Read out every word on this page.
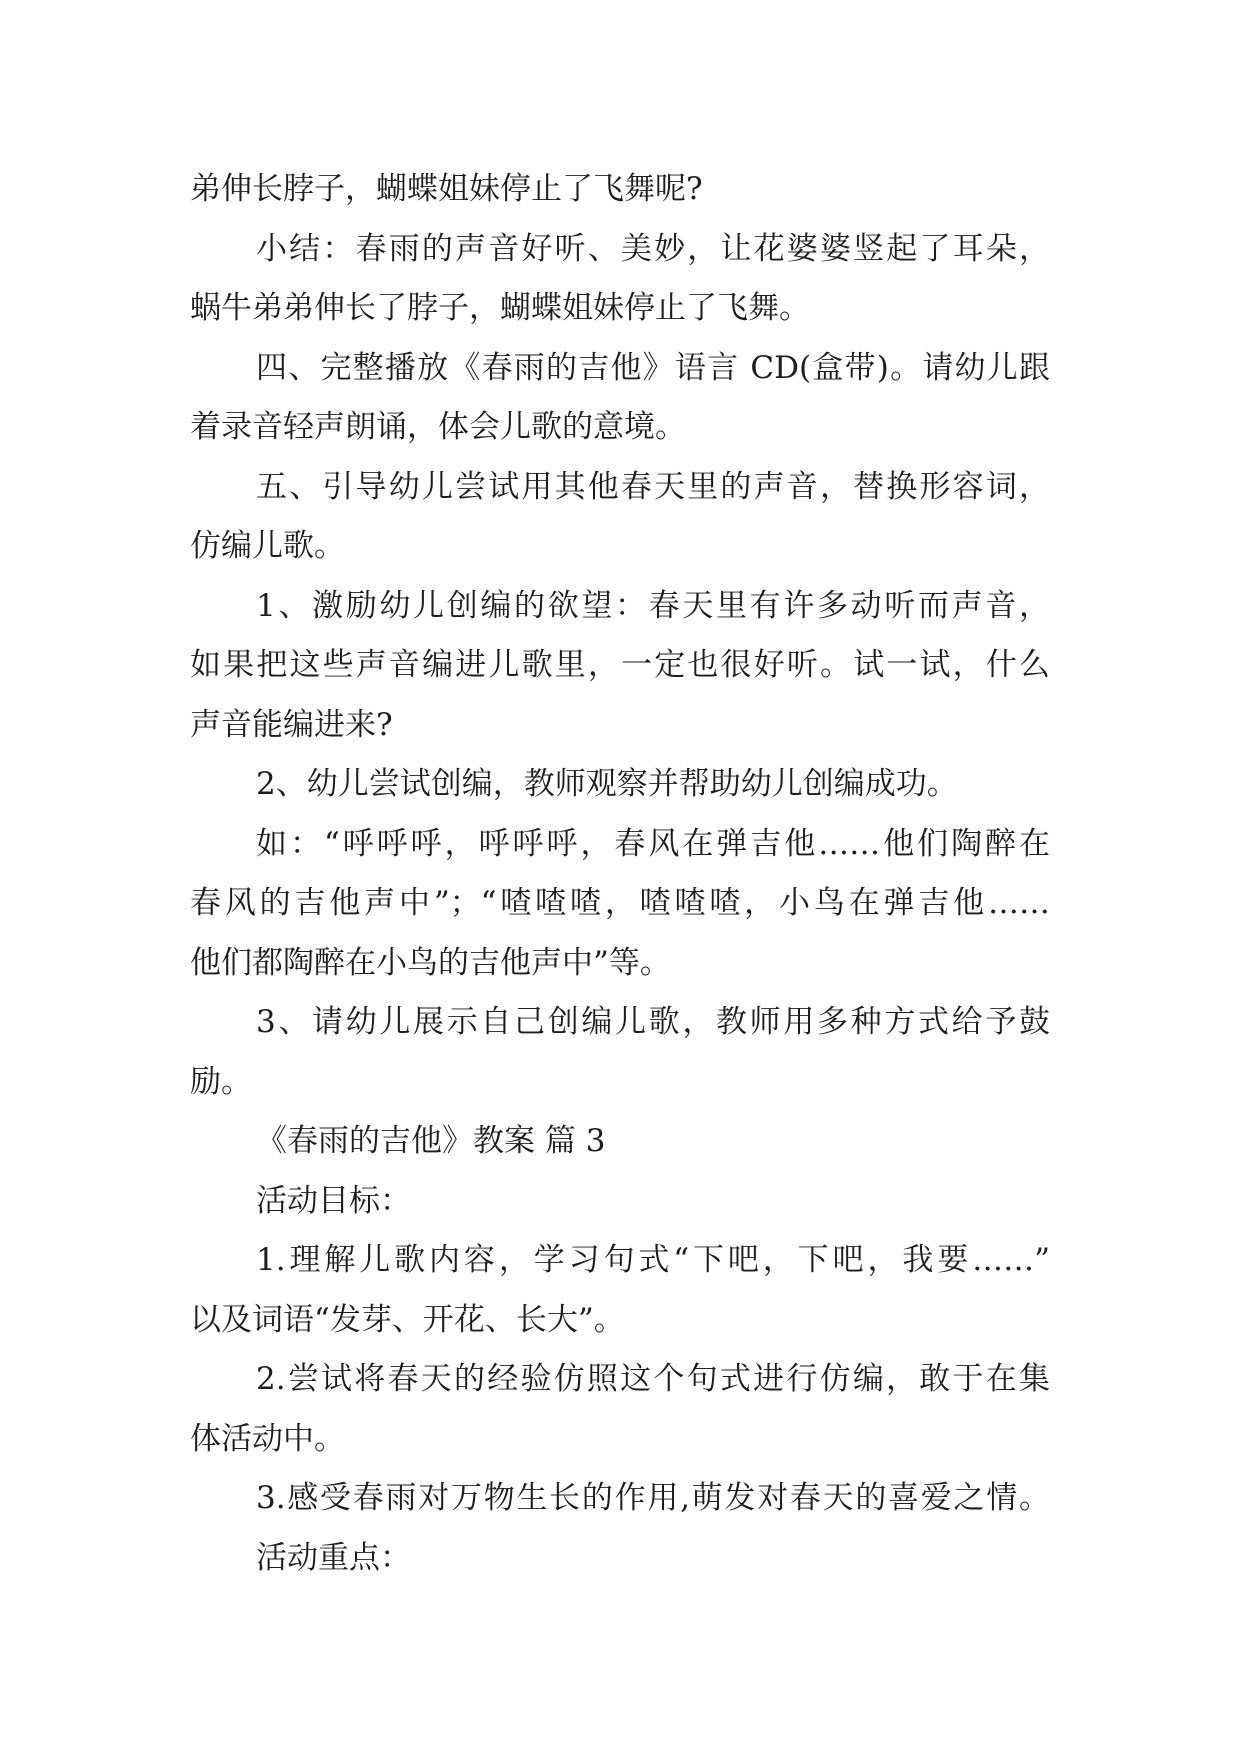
弟伸长脖子，蝴蝶姐妹停止了飞舞呢?
小结：春雨的声音好听、美妙，让花婆婆竖起了耳朵，
蜗牛弟弟伸长了脖子，蝴蝶姐妹停止了飞舞。
四、完整播放《春雨的吉他》语言 CD(盒带)。请幼儿跟
着录音轻声朗诵，体会儿歌的意境。
五、引导幼儿尝试用其他春天里的声音，替换形容词，
仿编儿歌。
1、激励幼儿创编的欲望：春天里有许多动听而声音，
如果把这些声音编进儿歌里，一定也很好听。试一试，什么
声音能编进来?
2、幼儿尝试创编，教师观察并帮助幼儿创编成功。
如：“呼呼呼，呼呼呼，春风在弹吉他……他们陶醉在
春风的吉他声中”；“喳喳喳，喳喳喳，小鸟在弹吉他……
他们都陶醉在小鸟的吉他声中”等。
3、请幼儿展示自己创编儿歌，教师用多种方式给予鼓
励。
《春雨的吉他》教案 篇 3
活动目标：
1.理解儿歌内容，学习句式“下吧，下吧，我要……”
以及词语“发芽、开花、长大”。
2.尝试将春天的经验仿照这个句式进行仿编，敢于在集
体活动中。
3.感受春雨对万物生长的作用,萌发对春天的喜爱之情。
活动重点：
